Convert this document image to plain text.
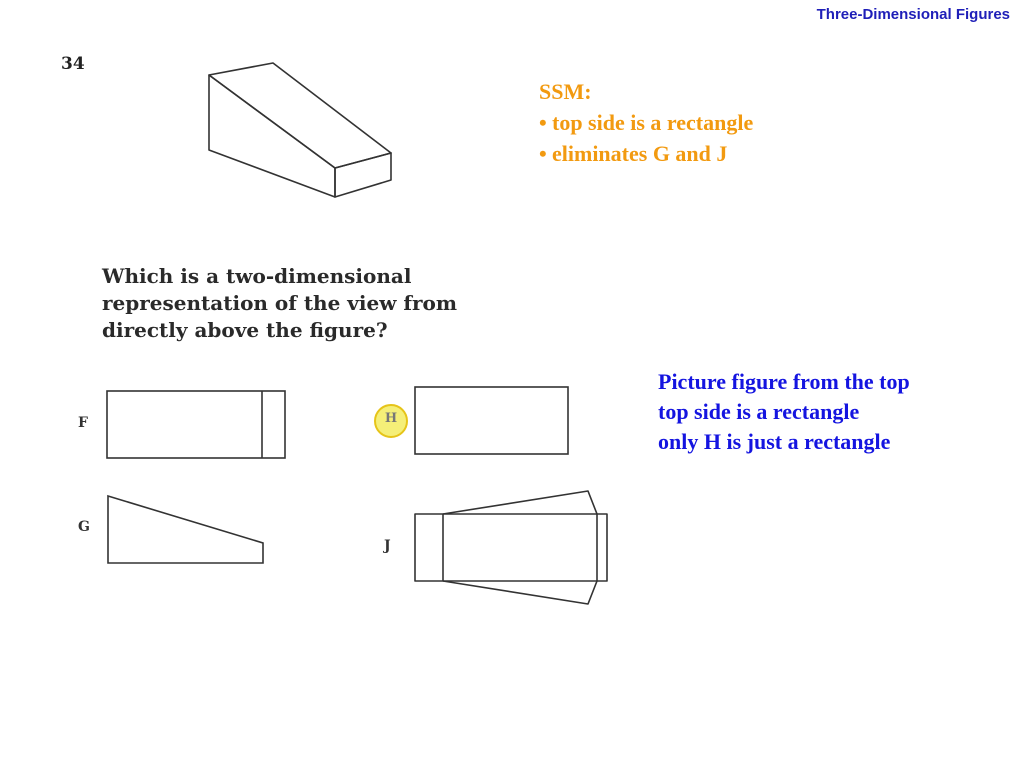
Three-Dimensional Figures
34
Which is a two-dimensional
representation of the view from
directly above the figure?
SSM:
• top side is a rectangle
• eliminates G and J
Picture figure from the top
top side is a rectangle
only H is just a rectangle
F	H
G
J
